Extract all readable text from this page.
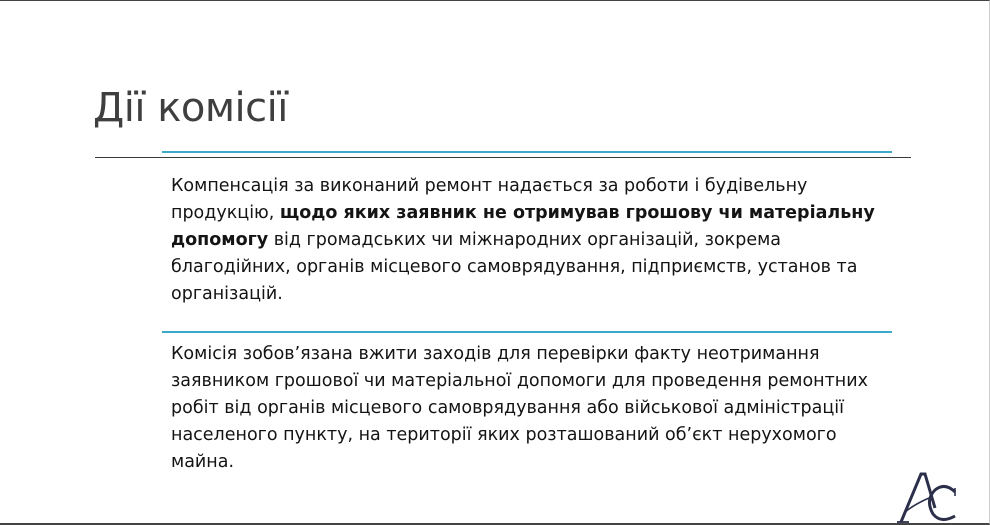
Дії комісії

Компенсація за виконаний ремонт надається за роботи і будівельну продукцію, щодо яких заявник не отримував грошову чи матеріальну допомогу від громадських чи міжнародних організацій, зокрема благодійних, органів місцевого самоврядування, підприємств, установ та організацій.

Комісія зобов’язана вжити заходів для перевірки факту неотримання заявником грошової чи матеріальної допомоги для проведення ремонтних робіт від органів місцевого самоврядування або військової адміністрації населеного пункту, на території яких розташований об’єкт нерухомого майна.
